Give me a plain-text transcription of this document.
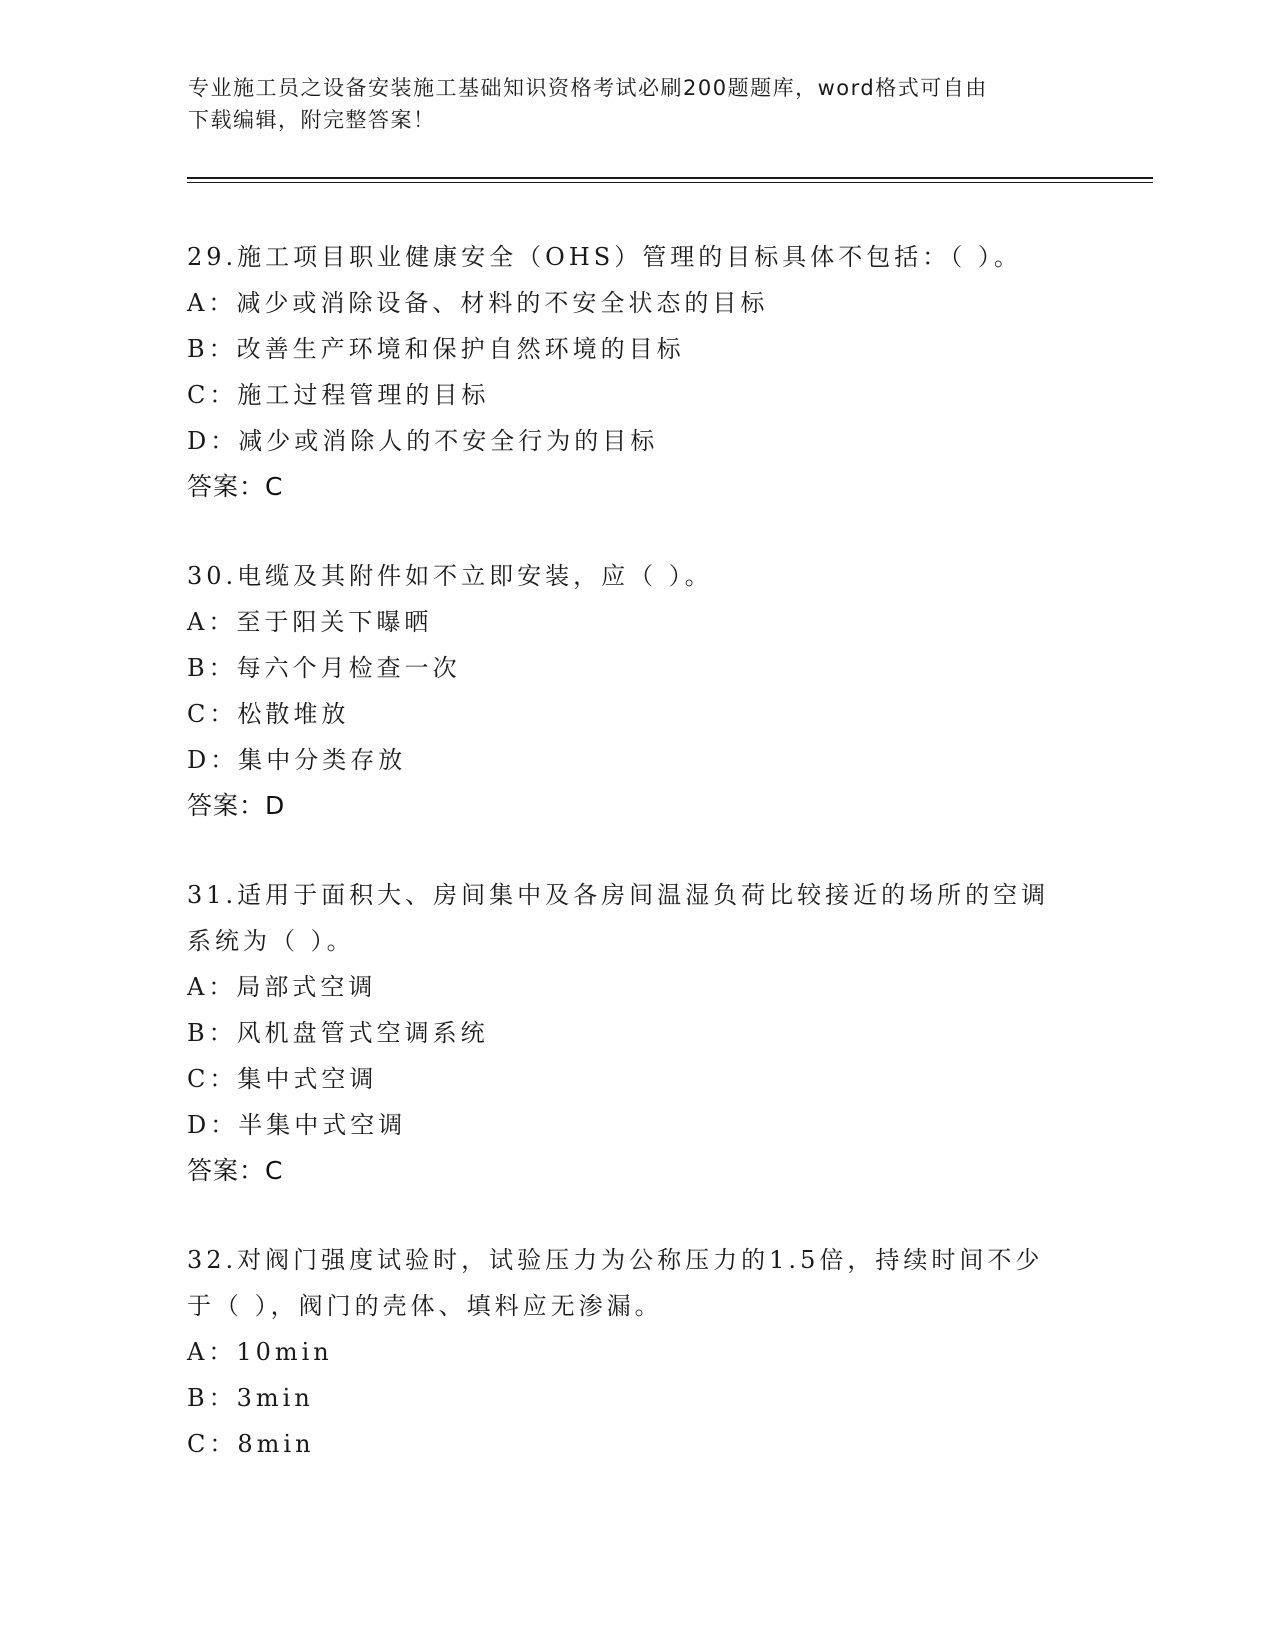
专业施工员之设备安装施工基础知识资格考试必刷200题题库，word格式可自由
下载编辑，附完整答案！

29.施工项目职业健康安全（OHS）管理的目标具体不包括：（ ）。

A：减少或消除设备、材料的不安全状态的目标

B：改善生产环境和保护自然环境的目标

C：施工过程管理的目标

D：减少或消除人的不安全行为的目标

答案：C

30.电缆及其附件如不立即安装，应（ ）。

A：至于阳关下曝晒

B：每六个月检查一次

C：松散堆放

D：集中分类存放

答案：D

31.适用于面积大、房间集中及各房间温湿负荷比较接近的场所的空调

系统为（ ）。

A：局部式空调

B：风机盘管式空调系统

C：集中式空调

D：半集中式空调

答案：C

32.对阀门强度试验时，试验压力为公称压力的1.5倍，持续时间不少

于（ ），阀门的壳体、填料应无渗漏。

A：10min

B：3min

C：8min
